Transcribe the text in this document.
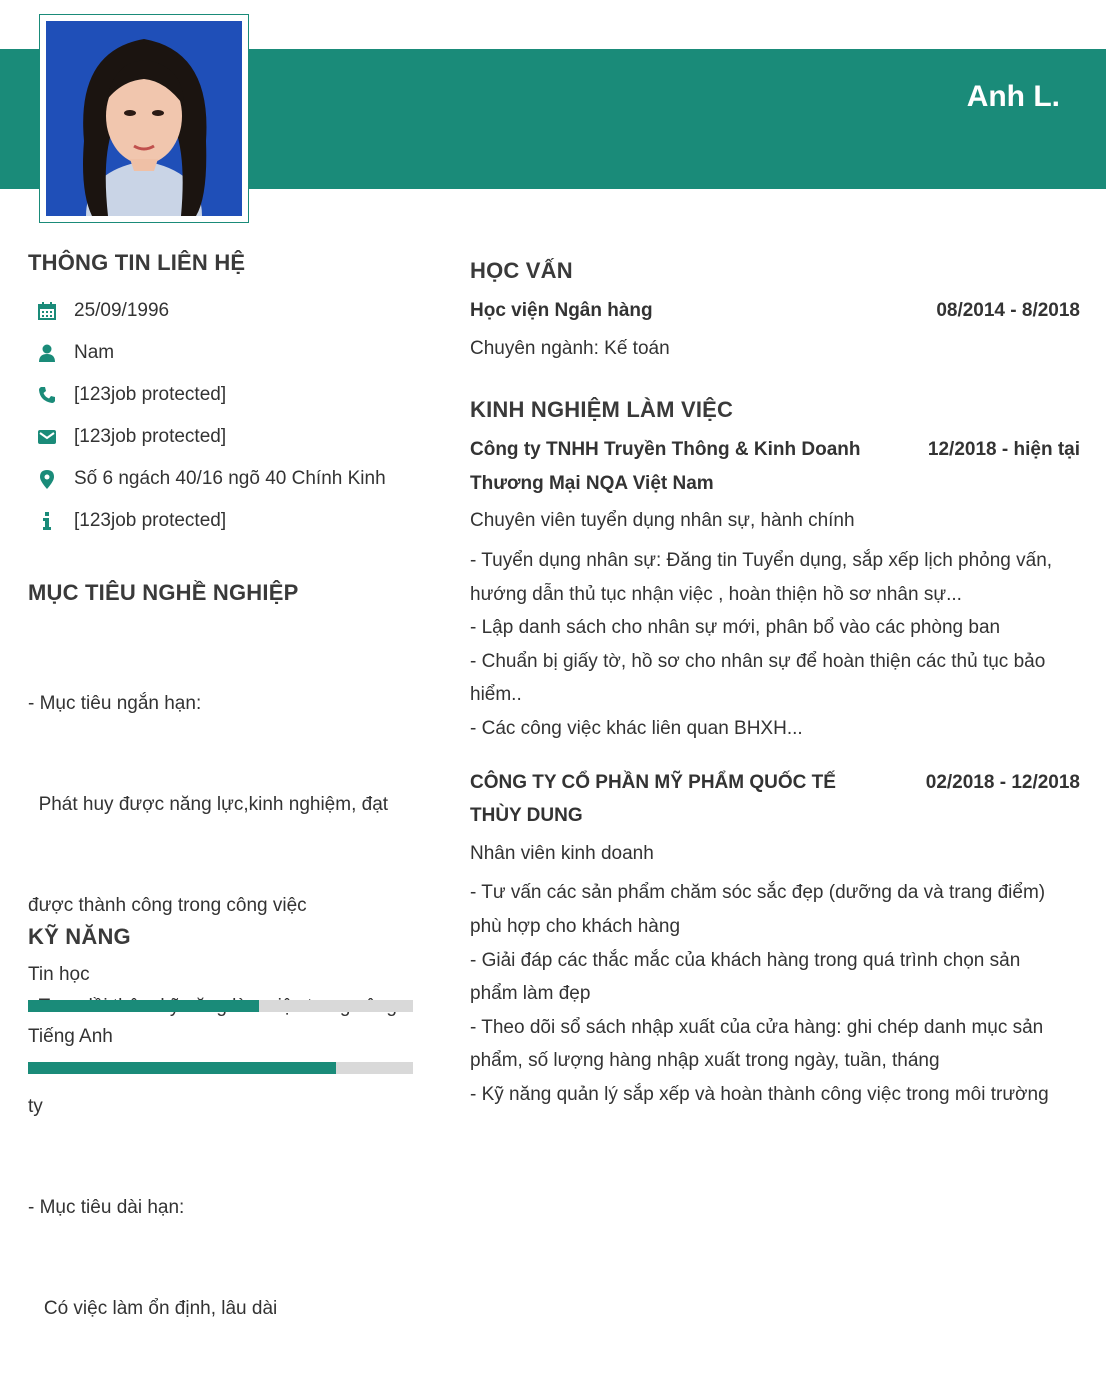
Anh L.
THÔNG TIN LIÊN HỆ
25/09/1996
Nam
[123job protected]
[123job protected]
Số 6 ngách 40/16 ngõ 40 Chính Kinh
[123job protected]
MỤC TIÊU NGHỀ NGHIỆP

- Mục tiêu ngắn hạn:

Phát huy được năng lực,kinh nghiệm, đạt

được thành công trong công việc

ty

- Mục tiêu dài hạn:

Có việc làm ổn định, lâu dài

KỸ NĂNG
Tin học
Tiếng Anh
HỌC VẤN
Học viện Ngân hàng	08/2014 - 8/2018
Chuyên ngành: Kế toán
KINH NGHIỆM LÀM VIỆC
Công ty TNHH Truyền Thông & Kinh Doanh
Thương Mại NQA Việt Nam
12/2018 - hiện tại
Chuyên viên tuyển dụng nhân sự, hành chính
- Tuyển dụng nhân sự: Đăng tin Tuyển dụng, sắp xếp lịch phỏng vấn,
hướng dẫn thủ tục nhận việc , hoàn thiện hồ sơ nhân sự...
- Lập danh sách cho nhân sự mới, phân bổ vào các phòng ban
- Chuẩn bị giấy tờ, hồ sơ cho nhân sự để hoàn thiện các thủ tục bảo
hiểm..
- Các công việc khác liên quan BHXH...
CÔNG TY CỔ PHẦN MỸ PHẨM QUỐC TẾ
THÙY DUNG
02/2018 - 12/2018
Nhân viên kinh doanh
- Tư vấn các sản phẩm chăm sóc sắc đẹp (dưỡng da và trang điểm)
phù hợp cho khách hàng
- Giải đáp các thắc mắc của khách hàng trong quá trình chọn sản
phẩm làm đẹp
- Theo dõi sổ sách nhập xuất của cửa hàng: ghi chép danh mục sản
phẩm, số lượng hàng nhập xuất trong ngày, tuần, tháng
- Kỹ năng quản lý sắp xếp và hoàn thành công việc trong môi trường
